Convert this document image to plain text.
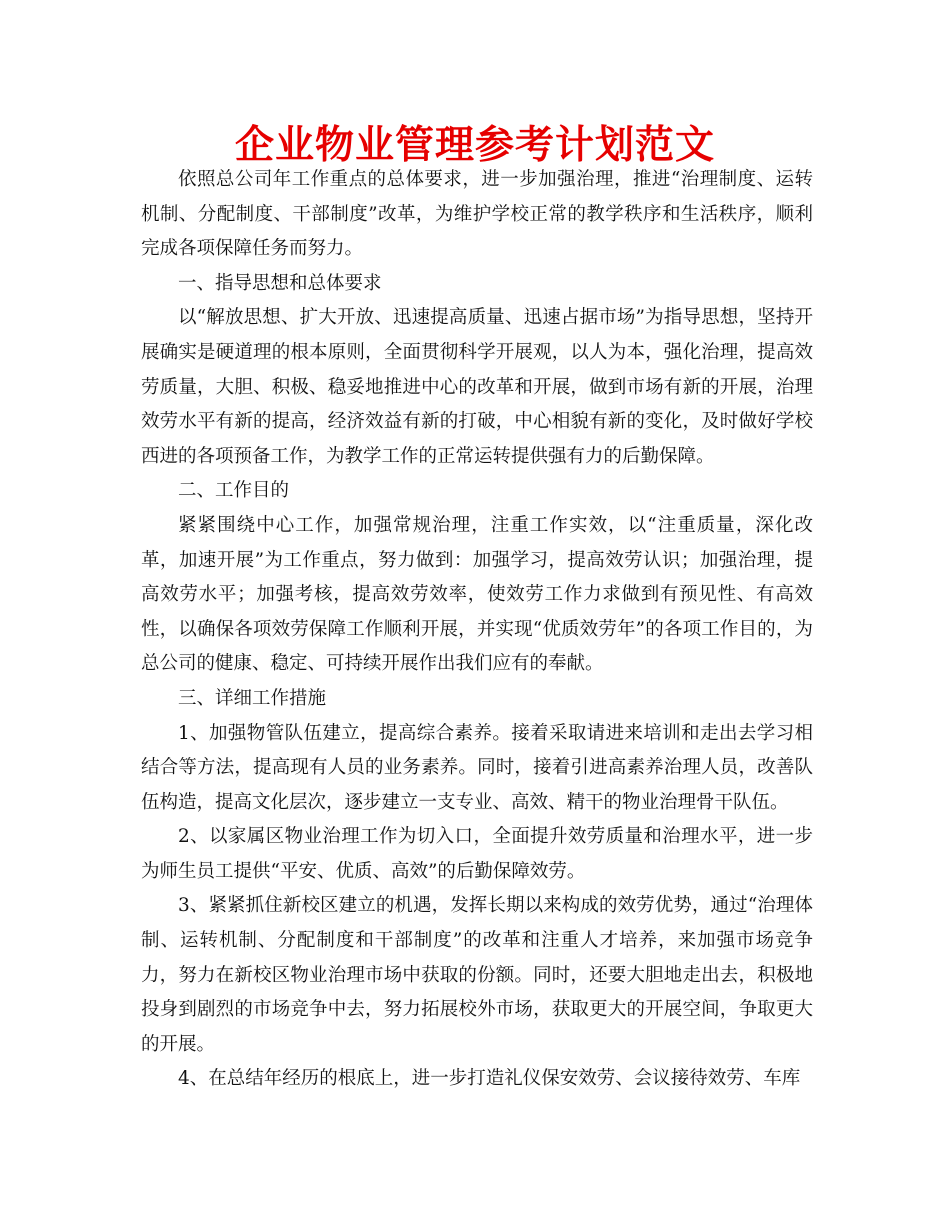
企业物业管理参考计划范文

依照总公司年工作重点的总体要求，进一步加强治理，推进“治理制度、运转机制、分配制度、干部制度”改革，为维护学校正常的教学秩序和生活秩序，顺利完成各项保障任务而努力。

一、指导思想和总体要求

以“解放思想、扩大开放、迅速提高质量、迅速占据市场”为指导思想，坚持开展确实是硬道理的根本原则，全面贯彻科学开展观，以人为本，强化治理，提高效劳质量，大胆、积极、稳妥地推进中心的改革和开展，做到市场有新的开展，治理效劳水平有新的提高，经济效益有新的打破，中心相貌有新的变化，及时做好学校西进的各项预备工作，为教学工作的正常运转提供强有力的后勤保障。

二、工作目的

紧紧围绕中心工作，加强常规治理，注重工作实效，以“注重质量，深化改革，加速开展”为工作重点，努力做到：加强学习，提高效劳认识；加强治理，提高效劳水平；加强考核，提高效劳效率，使效劳工作力求做到有预见性、有高效性，以确保各项效劳保障工作顺利开展，并实现“优质效劳年”的各项工作目的，为总公司的健康、稳定、可持续开展作出我们应有的奉献。

三、详细工作措施

1、加强物管队伍建立，提高综合素养。接着采取请进来培训和走出去学习相结合等方法，提高现有人员的业务素养。同时，接着引进高素养治理人员，改善队伍构造，提高文化层次，逐步建立一支专业、高效、精干的物业治理骨干队伍。

2、以家属区物业治理工作为切入口，全面提升效劳质量和治理水平，进一步为师生员工提供“平安、优质、高效”的后勤保障效劳。

3、紧紧抓住新校区建立的机遇，发挥长期以来构成的效劳优势，通过“治理体制、运转机制、分配制度和干部制度”的改革和注重人才培养，来加强市场竞争力，努力在新校区物业治理市场中获取的份额。同时，还要大胆地走出去，积极地投身到剧烈的市场竞争中去，努力拓展校外市场，获取更大的开展空间，争取更大的开展。

4、在总结年经历的根底上，进一步打造礼仪保安效劳、会议接待效劳、车库
